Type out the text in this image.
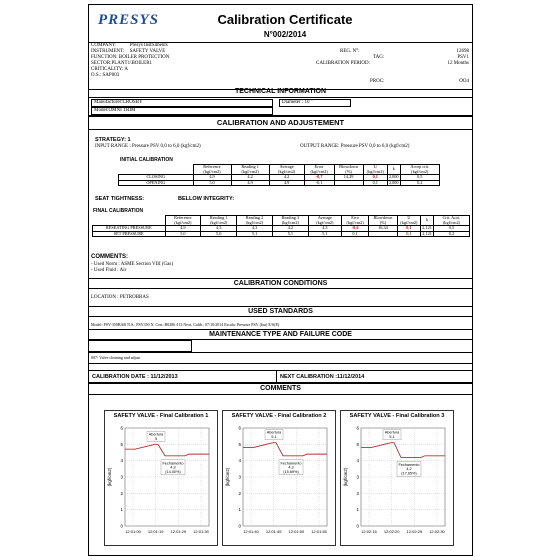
PRESYS	Calibration Certificate
N°002/2014
COMPANY:	Presys Instruments
INSTRUMENT: SAFETY VALVE
FUNCTION: BOILER PROTECTION
SECTOR:PLANT1\BOILER1
CRITICALITY: A
O.S.: SAP003
REG. N°:	12698
TAG:	PSV1
CALIBRATION PERIOD:	12 Months
PROC:	OO4
TECHNICAL INFORMATION
Manufacturer:CROSBY	Diameter : 10 "
Model:OMNI TRIM
CALIBRATION AND ADJUSTEMENT
STRATEGY: 1
INPUT RANGE : Pressure PSV 0,0 to 6,0 (kgf/cm2)	OUTPUT RANGE: Pressure PSV 0,0 to 6,0 (kgf/cm2)
INITIAL CALIBRATION
	Reference (kgf/cm2)	Reading 1 (kgf/cm2)	Average (kgf/cm2)	Error (kgf/cm2)	Blowdown (%)	U (kgf/cm2)	k	Accep crit. (kgf/cm2)
CLOSING	4,9	4,2	4,2	-0,7	14,29	0,1	2,000	0,5
OPENING	5,0	4,9	4,9	-0,1		0,1	2,000	0,2
SEAT TIGHTNESS:	BELLOW INTEGRITY:
FINAL CALIBRATION
	Reference (kgf/cm2)	Reading 1 (kgf/cm2)	Reading 2 (kgf/cm2)	Reading 3 (kgf/cm2)	Average (kgf/cm2)	Erro (kgf/cm2)	Blowdown (%)	U (kgf/cm2)	k	Crit. Acei. (kgf/cm2)
RESEATING PRESSURE	4,9	4,3	4,3	4,2	4,3	-0,6	16,34	0,1	2,121	0,5
SET PRESSURE	5,0	5,0	5,1	5,1	5,1	0,1		0,1	2,121	0,2
COMMENTS:
- Used Norm : ASME Section VIII (Gas)
- Used Fluid : Air
CALIBRATION CONDITIONS
LOCATION : PETROBRAS
USED STANDARDS
Model: PSV-350BAR N.S.: PSV350 N. Cert.:B0286 /l13 Next. Calib.: 07/10/2014 Escala: Pressure PSV (bar) E/S(E)
MAINTENANCE TYPE AND FAILURE CODE
007- Valve cleaning and adjust
CALIBRATION DATE : 11/12/2013	NEXT CALIBRATION :11/12/2014
COMMENTS
SAFETY VALVE - Final Calibration 1
6
5
4
3
2
1
0
12:01:09 12:01:19 12:01:29 12:01:39
(kgf/cm2)
Abertura
5
Fechamento
4,3
(14,00%)
SAFETY VALVE - Final Calibration 2
6
5
4
3
2
1
0
12:01:40 12:01:45 12:01:50 12:01:55
(kgf/cm2)
Abertura
5,1
Fechamento
4,3
(15,69%)
SAFETY VALVE - Final Calibration 3
6
5
4
3
2
1
0
12:02:15 12:02:20 12:02:25 12:02:30
(kgf/cm2)
Abertura
5,1
Fechamento
4,2
(17,65%)
